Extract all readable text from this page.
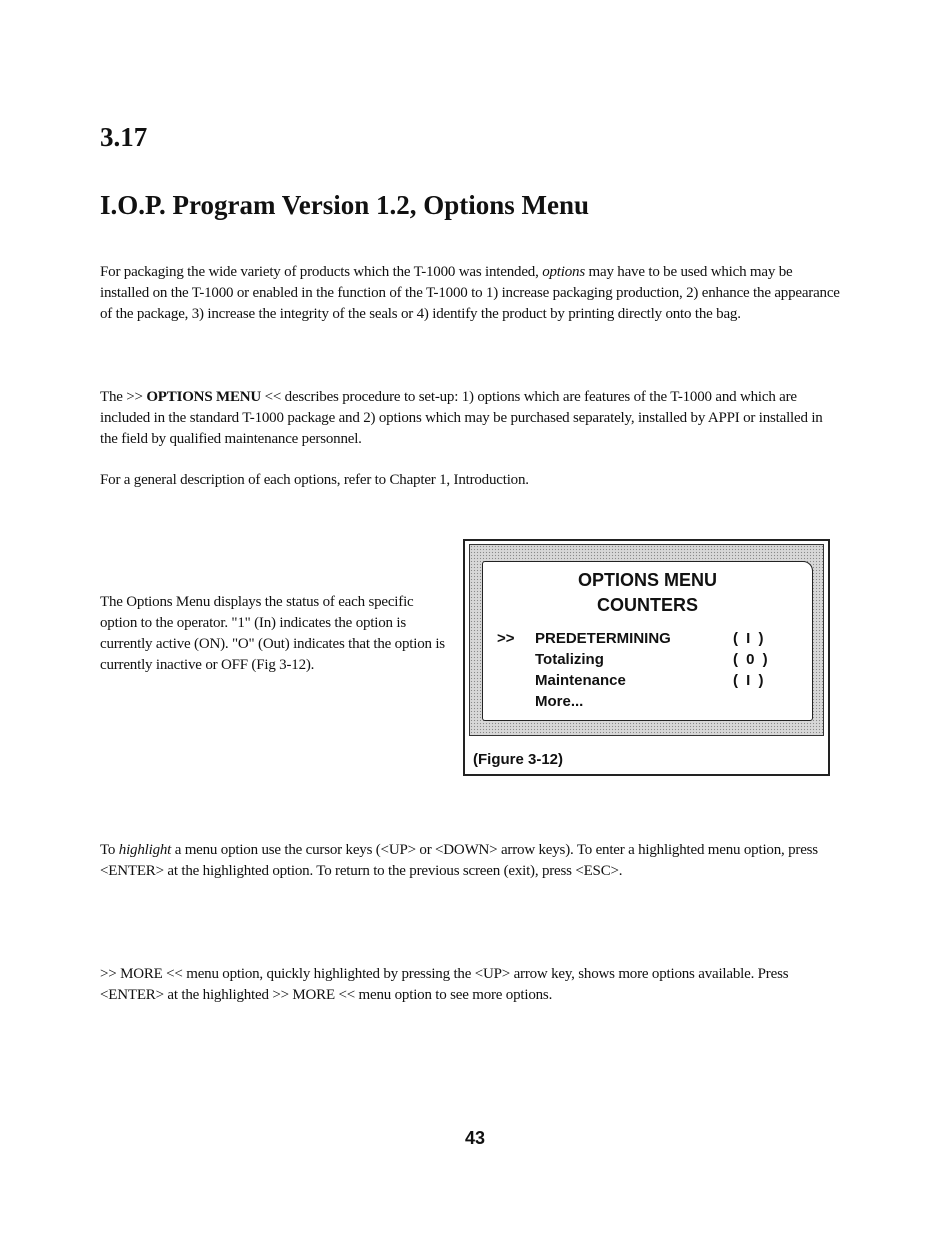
3.17
I.O.P. Program Version 1.2, Options Menu

For packaging the wide variety of products which the T-1000 was intended, options may have to be used which may be installed on the T-1000 or enabled in the function of the T-1000 to 1) increase packaging production, 2) enhance the appearance of the package, 3) increase the integrity of the seals or 4) identify the product by printing directly onto the bag.

The >> OPTIONS MENU << describes procedure to set-up: 1) options which are features of the T-1000 and which are included in the standard T-1000 package and 2) options which may be purchased separately, installed by APPI or installed in the field by qualified maintenance personnel.

For a general description of each options, refer to Chapter 1, Introduction.

The Options Menu displays the status of each specific option to the operator. "1" (In) indicates the option is currently active (ON). "O" (Out) indicates that the option is currently inactive or OFF (Fig 3-12).

OPTIONS MENU

COUNTERS

>> PREDETERMINING	( I )
Totalizing	( 0 )
Maintenance	( I )
More...

(Figure 3-12)

To highlight a menu option use the cursor keys (<UP> or <DOWN> arrow keys). To enter a highlighted menu option, press <ENTER> at the highlighted option. To return to the previous screen (exit), press <ESC>.

>> MORE << menu option, quickly highlighted by pressing the <UP> arrow key, shows more options available. Press <ENTER> at the highlighted >> MORE << menu option to see more options.

43
